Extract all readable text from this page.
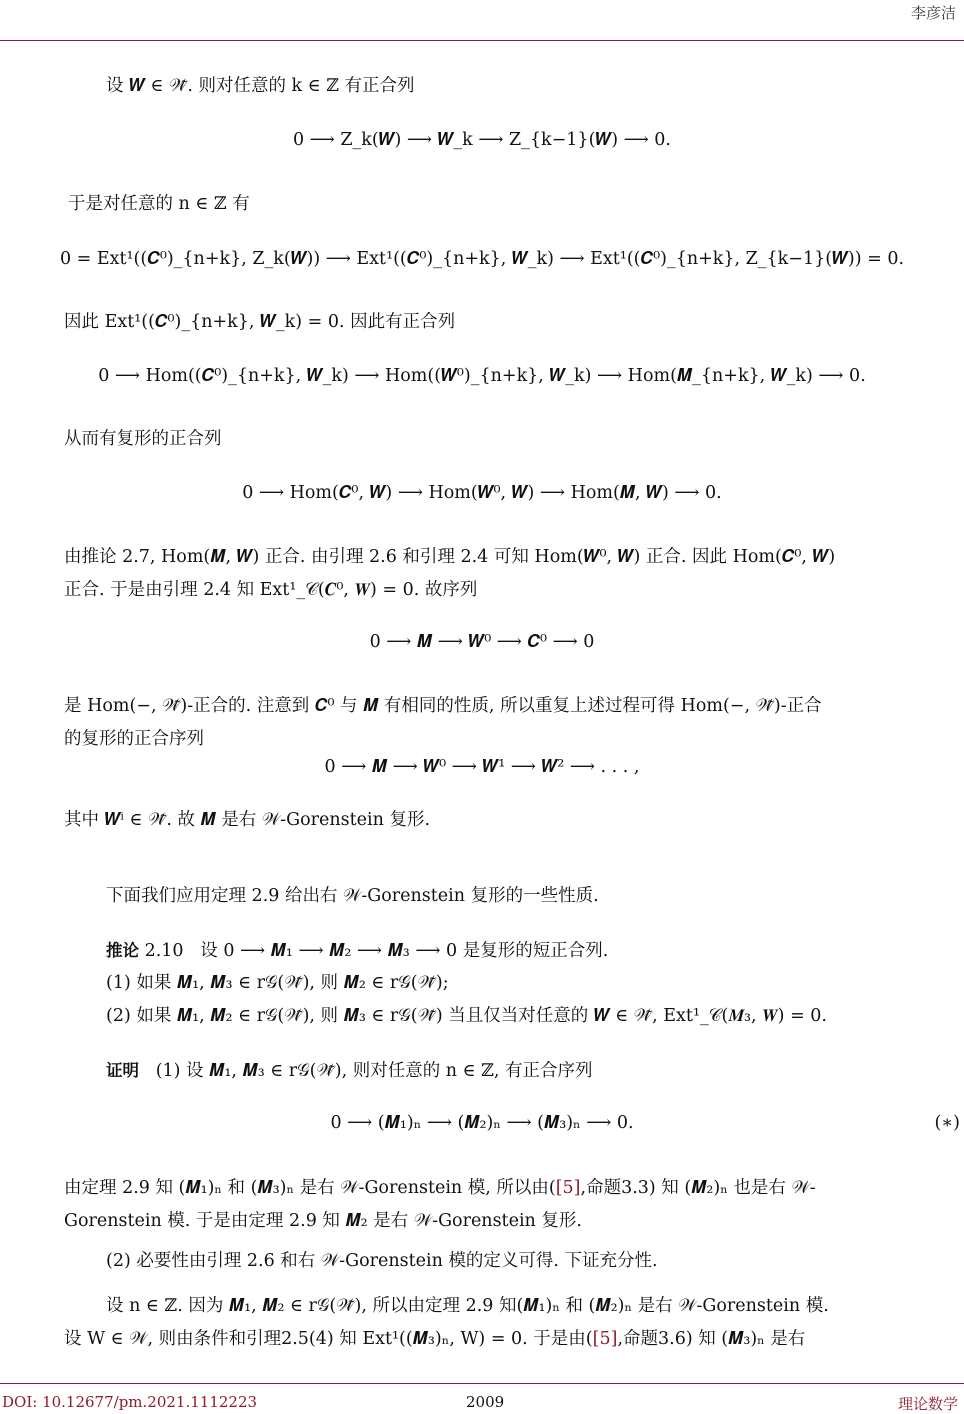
李彦洁
设 𝑾 ∈ 𝒲̃. 则对任意的 k ∈ ℤ 有正合列
0 ⟶ Z_k(𝑾) ⟶ 𝑾_k ⟶ Z_{k−1}(𝑾) ⟶ 0.
于是对任意的 n ∈ ℤ 有
0 = Ext¹((𝑪⁰)_{n+k}, Z_k(𝑾)) ⟶ Ext¹((𝑪⁰)_{n+k}, 𝑾_k) ⟶ Ext¹((𝑪⁰)_{n+k}, Z_{k−1}(𝑾)) = 0.
因此 Ext¹((𝑪⁰)_{n+k}, 𝑾_k) = 0. 因此有正合列
0 ⟶ Hom((𝑪⁰)_{n+k}, 𝑾_k) ⟶ Hom((𝑾⁰)_{n+k}, 𝑾_k) ⟶ Hom(𝑴_{n+k}, 𝑾_k) ⟶ 0.
从而有复形的正合列
0 ⟶ Hom(𝑪⁰, 𝑾) ⟶ Hom(𝑾⁰, 𝑾) ⟶ Hom(𝑴, 𝑾) ⟶ 0.
由推论 2.7, Hom(𝑴, 𝑾) 正合. 由引理 2.6 和引理 2.4 可知 Hom(𝑾⁰, 𝑾) 正合. 因此 Hom(𝑪⁰, 𝑾)
正合. 于是由引理 2.4 知 Ext¹_𝒞(𝑪⁰, 𝑾) = 0. 故序列
0 ⟶ 𝑴 ⟶ 𝑾⁰ ⟶ 𝑪⁰ ⟶ 0
是 Hom(−, 𝒲̃)-正合的. 注意到 𝑪⁰ 与 𝑴 有相同的性质, 所以重复上述过程可得 Hom(−, 𝒲̃)-正合
的复形的正合序列
0 ⟶ 𝑴 ⟶ 𝑾⁰ ⟶ 𝑾¹ ⟶ 𝑾² ⟶ . . . ,
其中 𝑾ⁱ ∈ 𝒲̃. 故 𝑴 是右 𝒲-Gorenstein 复形.
下面我们应用定理 2.9 给出右 𝒲-Gorenstein 复形的一些性质.
推论 2.10 设 0 ⟶ 𝑴₁ ⟶ 𝑴₂ ⟶ 𝑴₃ ⟶ 0 是复形的短正合列.
(1) 如果 𝑴₁, 𝑴₃ ∈ r𝒢(𝒲̃), 则 𝑴₂ ∈ r𝒢(𝒲̃);
(2) 如果 𝑴₁, 𝑴₂ ∈ r𝒢(𝒲̃), 则 𝑴₃ ∈ r𝒢(𝒲̃) 当且仅当对任意的 𝑾 ∈ 𝒲̃, Ext¹_𝒞(𝑴₃, 𝑾) = 0.
证明 (1) 设 𝑴₁, 𝑴₃ ∈ r𝒢(𝒲̃), 则对任意的 n ∈ ℤ, 有正合序列
0 ⟶ (𝑴₁)ₙ ⟶ (𝑴₂)ₙ ⟶ (𝑴₃)ₙ ⟶ 0.	(∗)
由定理 2.9 知 (𝑴₁)ₙ 和 (𝑴₃)ₙ 是右 𝒲-Gorenstein 模, 所以由([5],命题3.3) 知 (𝑴₂)ₙ 也是右 𝒲-
Gorenstein 模. 于是由定理 2.9 知 𝑴₂ 是右 𝒲-Gorenstein 复形.
(2) 必要性由引理 2.6 和右 𝒲-Gorenstein 模的定义可得. 下证充分性.
设 n ∈ ℤ. 因为 𝑴₁, 𝑴₂ ∈ r𝒢(𝒲̃), 所以由定理 2.9 知(𝑴₁)ₙ 和 (𝑴₂)ₙ 是右 𝒲-Gorenstein 模.
设 W ∈ 𝒲, 则由条件和引理2.5(4) 知 Ext¹((𝑴₃)ₙ, W) = 0. 于是由([5],命题3.6) 知 (𝑴₃)ₙ 是右
DOI: 10.12677/pm.2021.1112223	2009	理论数学
